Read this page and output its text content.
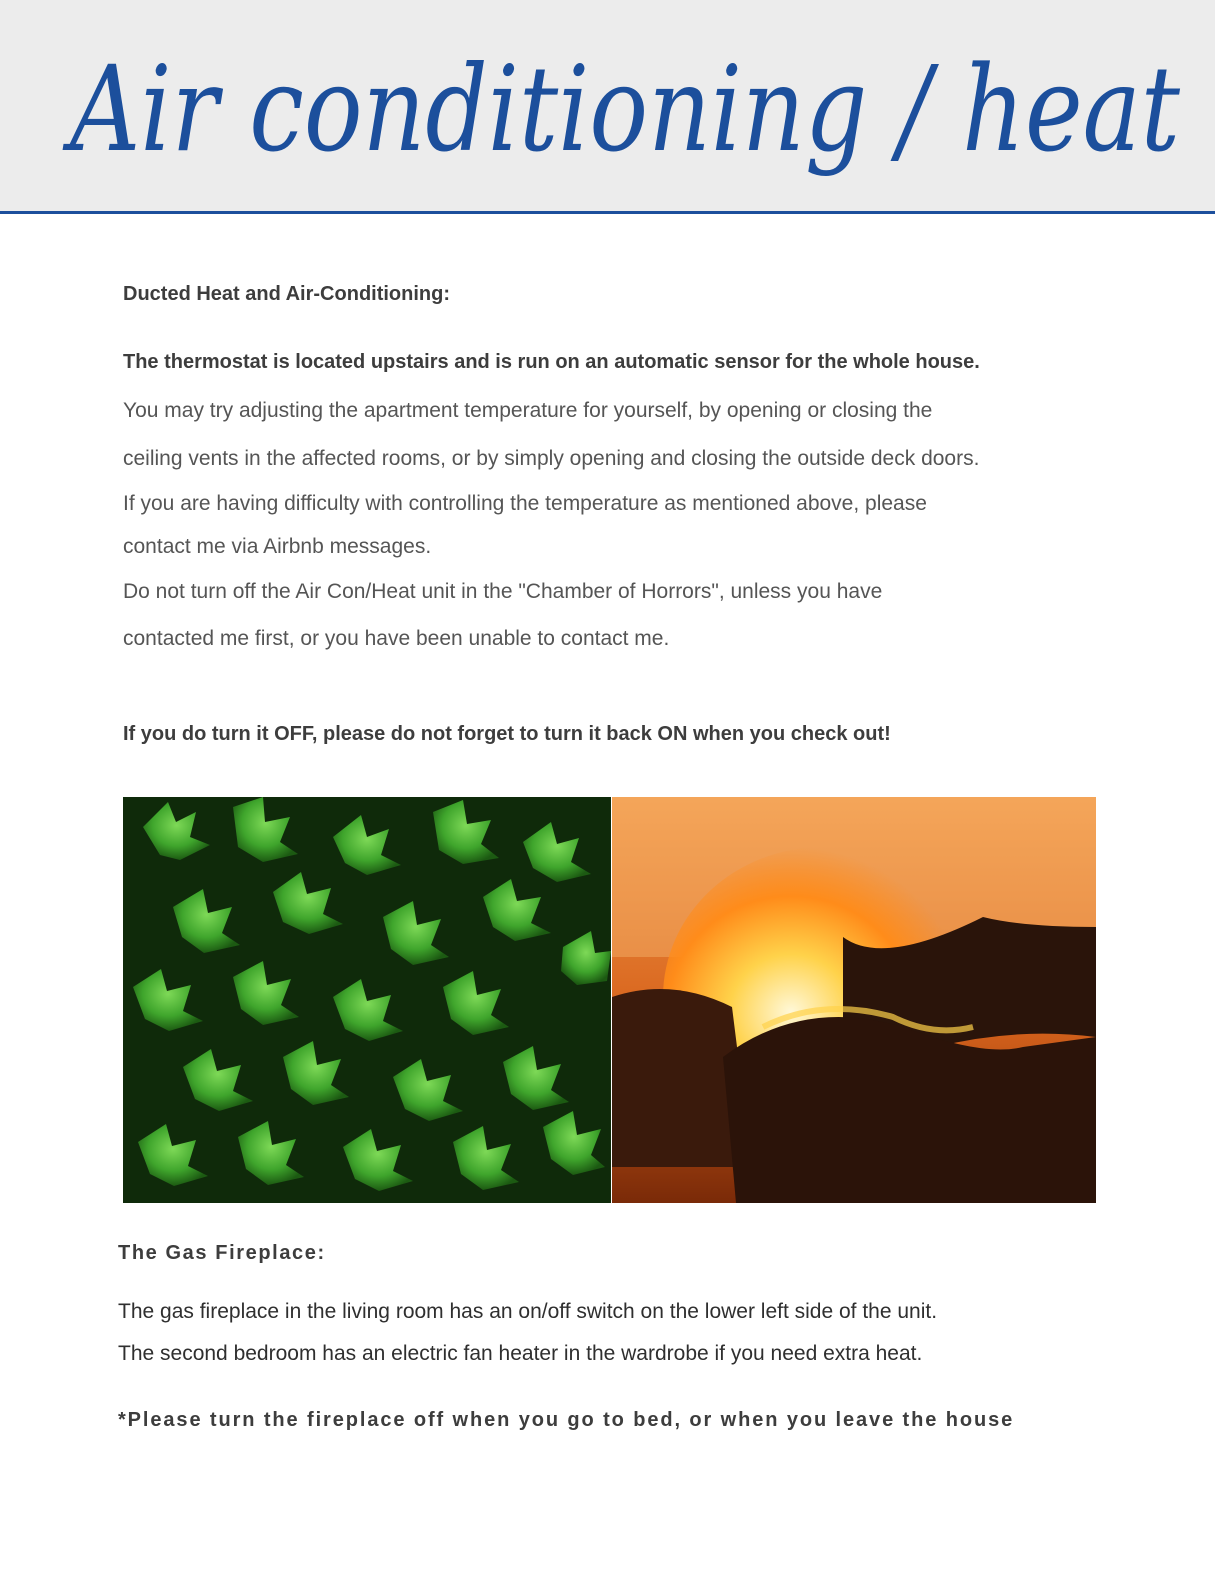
Air conditioning / heat
Ducted Heat and Air-Conditioning:
The thermostat is located upstairs and is run on an automatic sensor for the whole house.
You may try adjusting the apartment temperature for yourself, by opening or closing the
ceiling vents in the affected rooms, or by simply opening and closing the outside deck doors.
If you are having difficulty with controlling the temperature as mentioned above, please
contact me via Airbnb messages.
Do not turn off the Air Con/Heat unit in the "Chamber of Horrors", unless you have
contacted me first, or you have been unable to contact me.
If you do turn it OFF, please do not forget to turn it back ON when you check out!
The Gas Fireplace:
The gas fireplace in the living room has an on/off switch on the lower left side of the unit.
The second bedroom has an electric fan heater in the wardrobe if you need extra heat.
*Please turn the fireplace off when you go to bed, or when you leave the house
